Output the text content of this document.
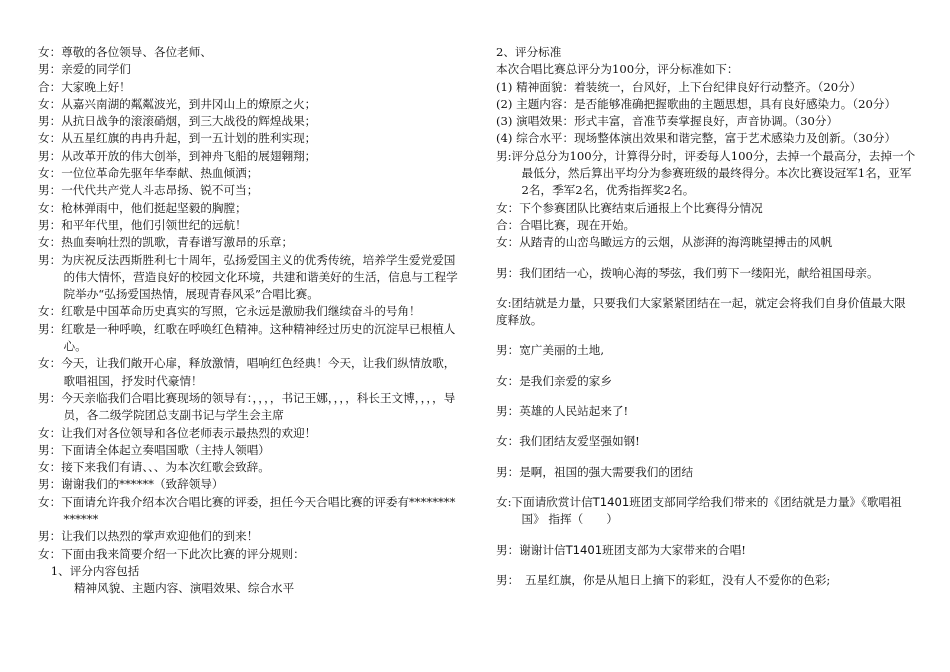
女：尊敬的各位领导、各位老师、
男：亲爱的同学们
合：大家晚上好！
女：从嘉兴南湖的粼粼波光，到井冈山上的燎原之火；
男：从抗日战争的滚滚硝烟，到三大战役的辉煌战果；
女：从五星红旗的冉冉升起，到一五计划的胜利实现；
男：从改革开放的伟大创举，到神舟飞船的展翅翱翔；
女：一位位革命先驱年华奉献、热血倾洒；
男：一代代共产党人斗志昂扬、锐不可当；
女：枪林弹雨中，他们挺起坚毅的胸膛；
男：和平年代里，他们引领世纪的远航！
女：热血奏响壮烈的凯歌，青春谱写激昂的乐章；
男：为庆祝反法西斯胜利七十周年，弘扬爱国主义的优秀传统，培养学生爱党爱国的伟大情怀，营造良好的校园文化环境，共建和谐美好的生活，信息与工程学院举办“弘扬爱国热情，展现青春风采”合唱比赛。
女：红歌是中国革命历史真实的写照，它永远是激励我们继续奋斗的号角！
男：红歌是一种呼唤，红歌在呼唤红色精神。这种精神经过历史的沉淀早已根植人心。
女：今天，让我们敞开心扉，释放激情，唱响红色经典！今天，让我们纵情放歌，歌唱祖国，抒发时代豪情！
男：今天亲临我们合唱比赛现场的领导有：，，，，书记王娜，，，，科长王文博，，，，导员，各二级学院团总支副书记与学生会主席
女：让我们对各位领导和各位老师表示最热烈的欢迎！
男：下面请全体起立奏唱国歌（主持人领唱）
女：接下来我们有请、、、为本次红歌会致辞。
男：谢谢我们的******（致辞领导）
女：下面请允许我介绍本次合唱比赛的评委，担任今天合唱比赛的评委有**************
男：让我们以热烈的掌声欢迎他们的到来！
女：下面由我来简要介绍一下此次比赛的评分规则：
1、评分内容包括
精神风貌、主题内容、演唱效果、综合水平
2、评分标准
本次合唱比赛总评分为100分，评分标准如下：
(1) 精神面貌：着装统一，台风好，上下台纪律良好行动整齐。（20分）
(2) 主题内容：是否能够准确把握歌曲的主题思想，具有良好感染力。（20分）
(3) 演唱效果：形式丰富，音准节奏掌握良好，声音协调。（30分）
(4) 综合水平：现场整体演出效果和谐完整，富于艺术感染力及创新。（30分）
男:评分总分为100分，计算得分时，评委每人100分，去掉一个最高分，去掉一个最低分，然后算出平均分为参赛班级的最终得分。本次比赛设冠军1名，亚军2名，季军2名，优秀指挥奖2名。
女：下个参赛团队比赛结束后通报上个比赛得分情况
合：合唱比赛，现在开始。
女：从踏青的山峦鸟瞰远方的云烟，从澎湃的海湾眺望搏击的风帆
男：我们团结一心，拨响心海的琴弦，我们剪下一缕阳光，献给祖国母亲。
女:团结就是力量，只要我们大家紧紧团结在一起，就定会将我们自身价值最大限度释放。
男：宽广美丽的土地,
女：是我们亲爱的家乡
男：英雄的人民站起来了!
女：我们团结友爱坚强如钢!
男：是啊，祖国的强大需要我们的团结
女:下面请欣赏计信T1401班团支部同学给我们带来的《团结就是力量》《歌唱祖国》 指挥（　　）
男：谢谢计信T1401班团支部为大家带来的合唱!
男：　五星红旗，你是从旭日上摘下的彩虹，没有人不爱你的色彩;
